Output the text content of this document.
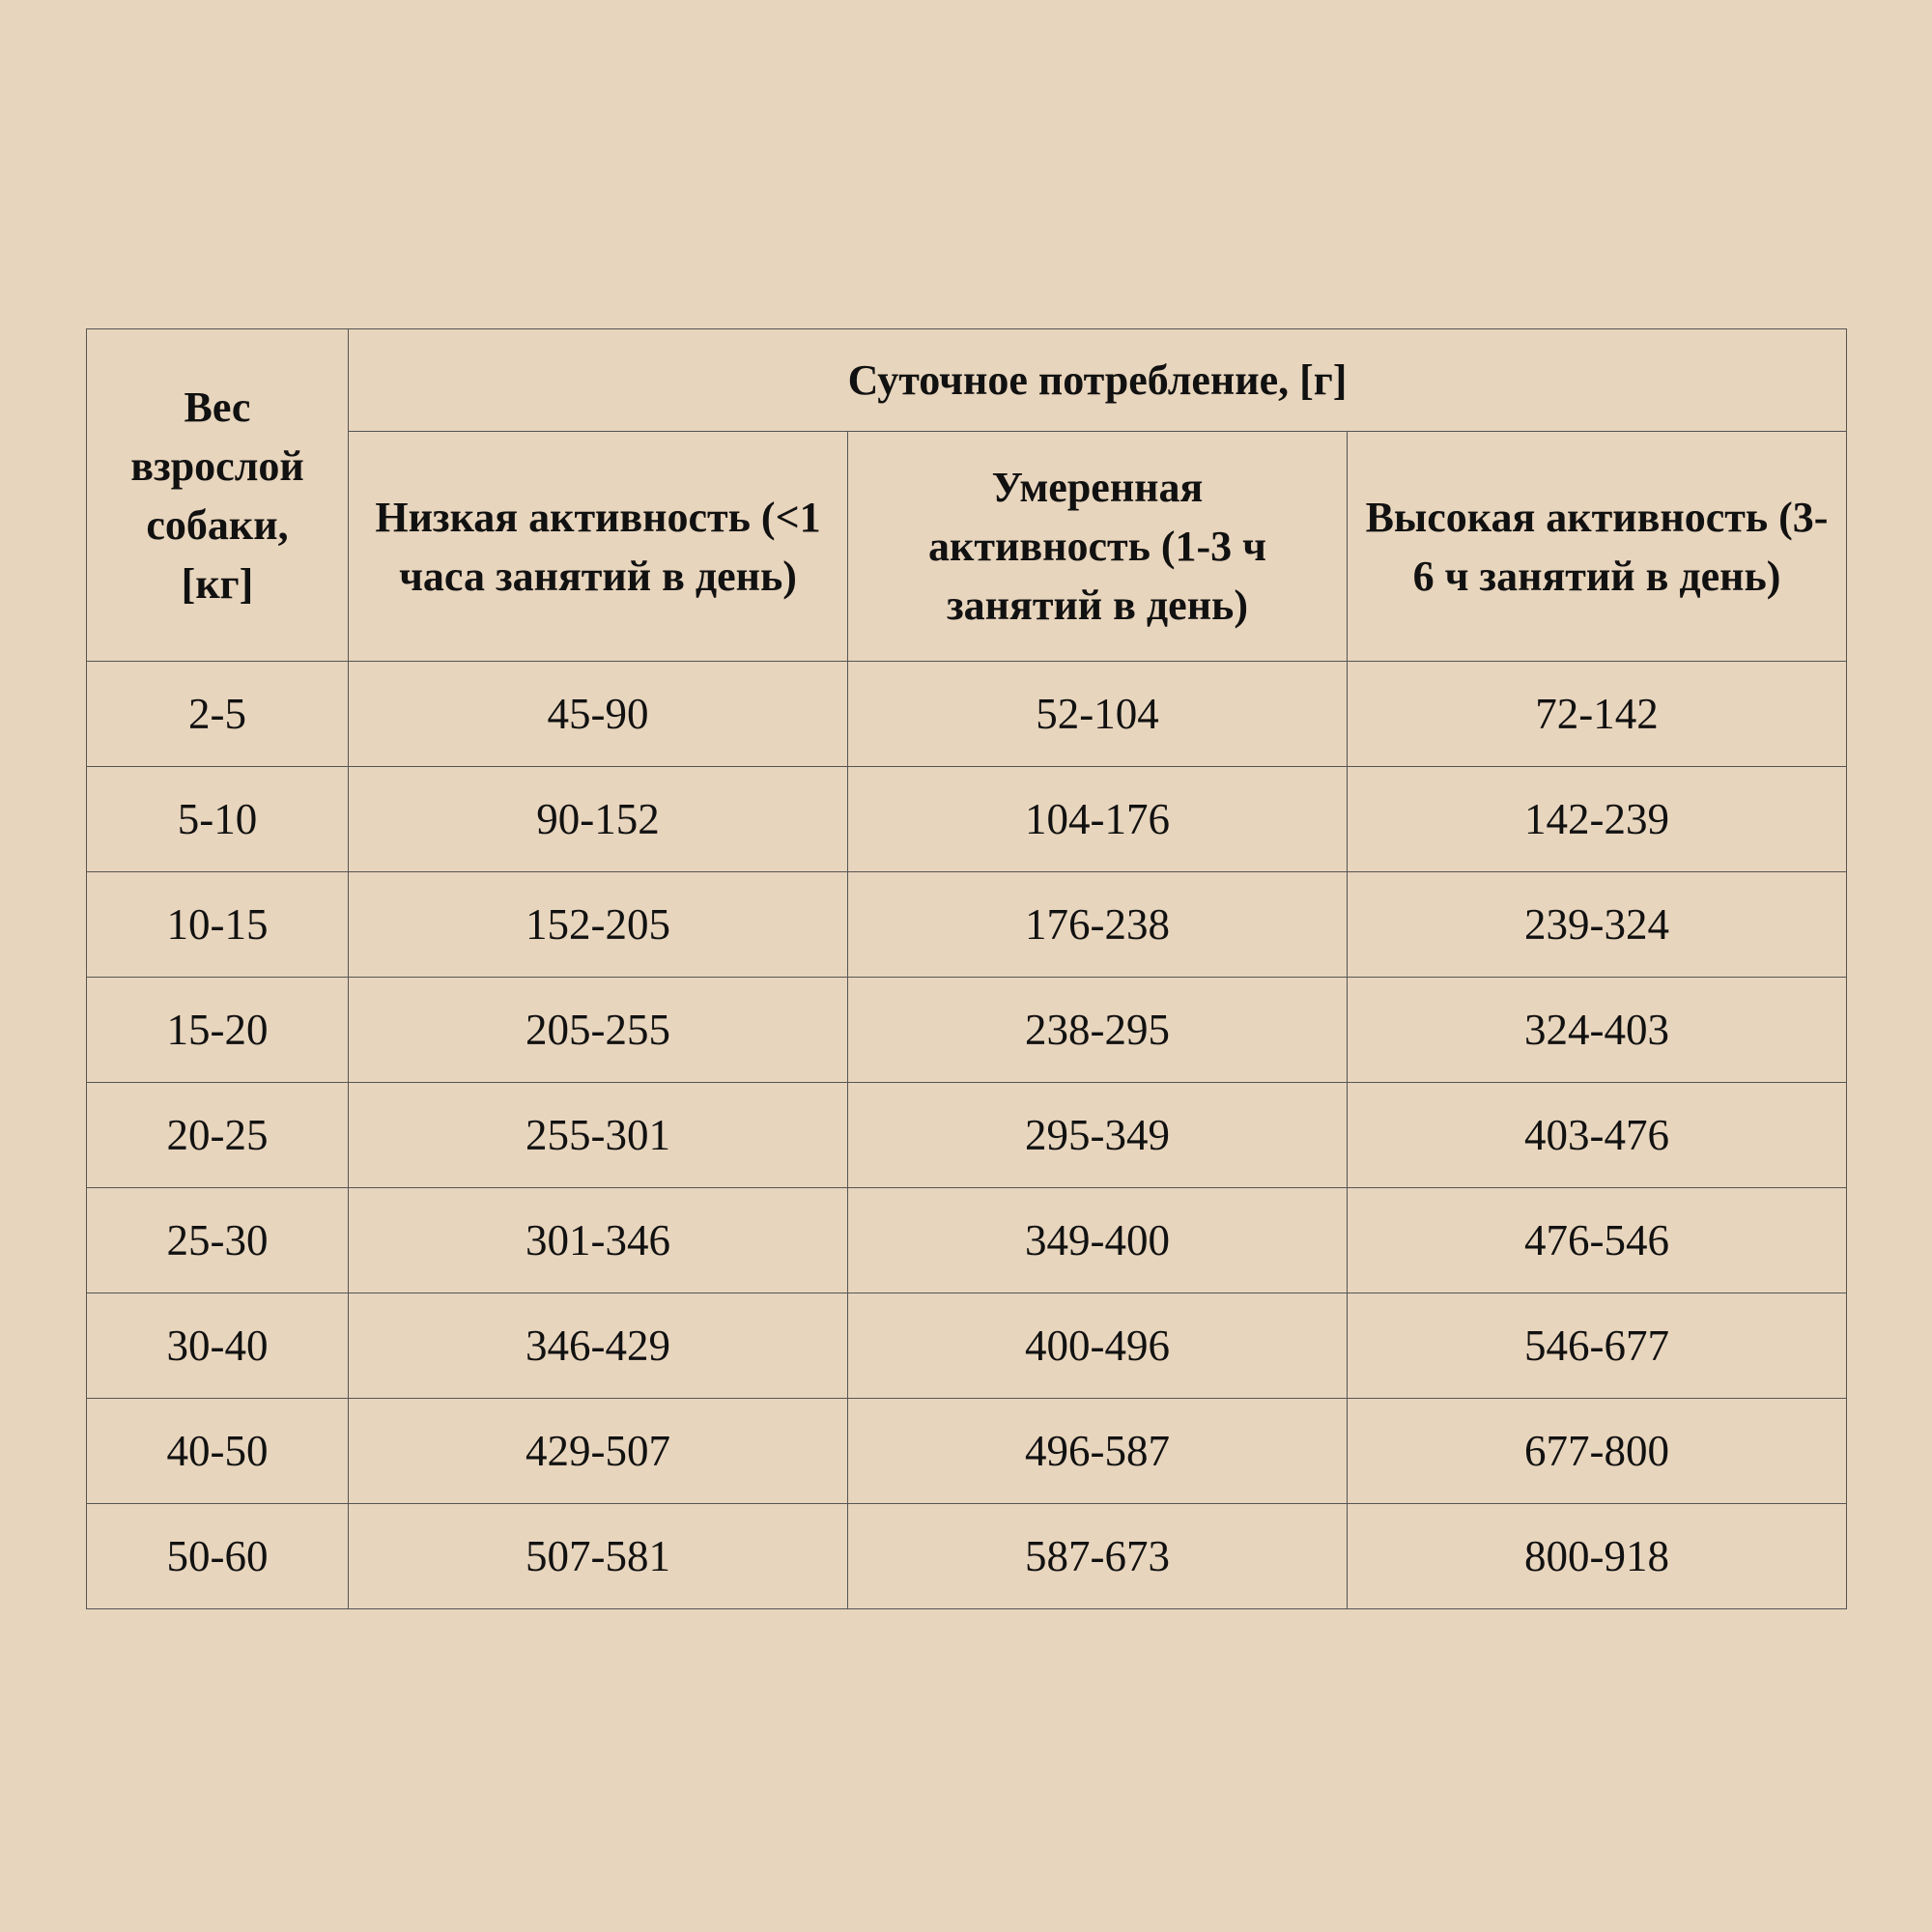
Вес взрослой собаки, [кг]	Суточное потребление, [г]		
	Низкая активность (<1 часа занятий в день)	Умеренная активность (1-3 ч занятий в день)	Высокая активность (3-6 ч занятий в день)
2-5	45-90	52-104	72-142
5-10	90-152	104-176	142-239
10-15	152-205	176-238	239-324
15-20	205-255	238-295	324-403
20-25	255-301	295-349	403-476
25-30	301-346	349-400	476-546
30-40	346-429	400-496	546-677
40-50	429-507	496-587	677-800
50-60	507-581	587-673	800-918
